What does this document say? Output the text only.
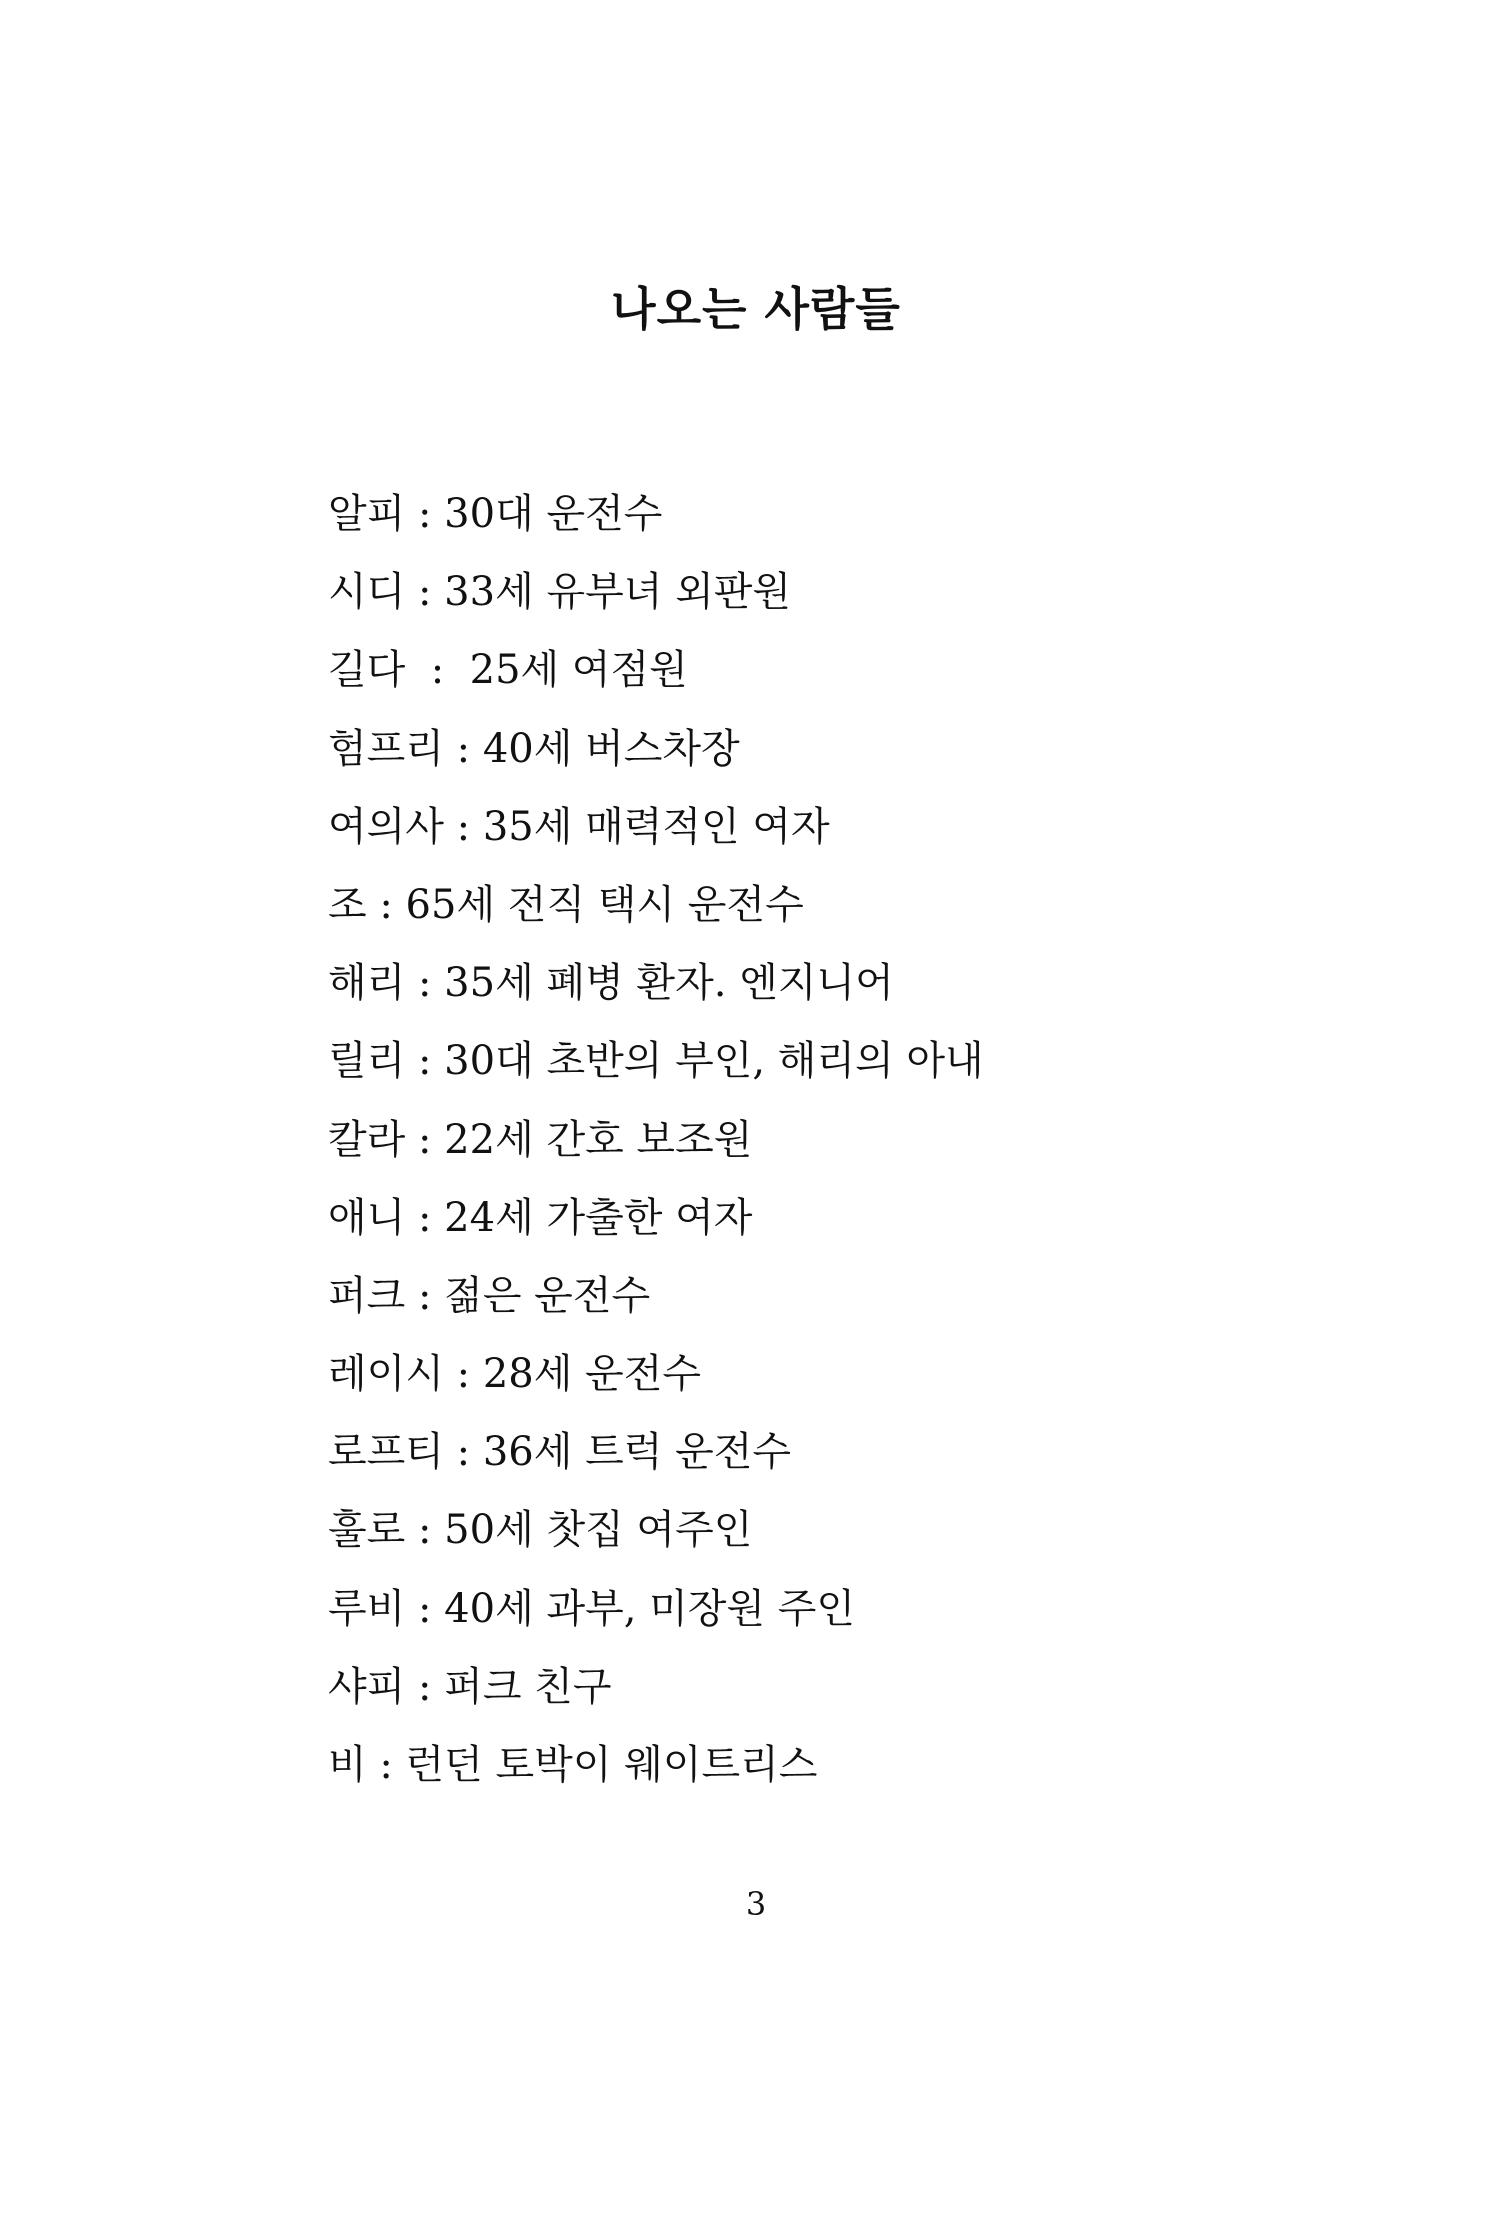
나오는 사람들
알피 : 30대 운전수
시디 : 33세 유부녀 외판원
길다  :  25세 여점원
험프리 : 40세 버스차장
여의사 : 35세 매력적인 여자
조 : 65세 전직 택시 운전수
해리 : 35세 폐병 환자. 엔지니어
릴리 : 30대 초반의 부인, 해리의 아내
칼라 : 22세 간호 보조원
애니 : 24세 가출한 여자
퍼크 : 젊은 운전수
레이시 : 28세 운전수
로프티 : 36세 트럭 운전수
훌로 : 50세 찻집 여주인
루비 : 40세 과부, 미장원 주인
샤피 : 퍼크 친구
비 : 런던 토박이 웨이트리스
3
